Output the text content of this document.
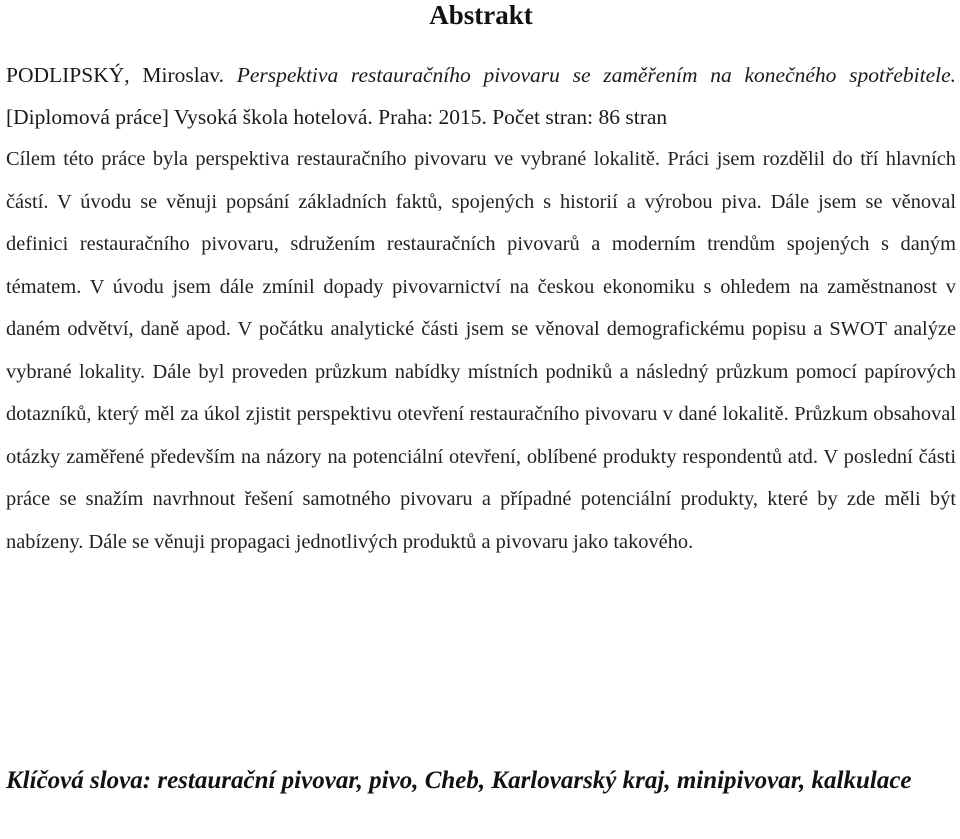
Abstrakt

PODLIPSKÝ, Miroslav. Perspektiva restauračního pivovaru se zaměřením na konečného spotřebitele. [Diplomová práce] Vysoká škola hotelová. Praha: 2015. Počet stran: 86 stran

Cílem této práce byla perspektiva restauračního pivovaru ve vybrané lokalitě. Práci jsem rozdělil do tří hlavních částí. V úvodu se věnuji popsání základních faktů, spojených s historií a výrobou piva. Dále jsem se věnoval definici restauračního pivovaru, sdružením restauračních pivovarů a moderním trendům spojených s daným tématem. V úvodu jsem dále zmínil dopady pivovarnictví na českou ekonomiku s ohledem na zaměstnanost v daném odvětví, daně apod. V počátku analytické části jsem se věnoval demografickému popisu a SWOT analýze vybrané lokality. Dále byl proveden průzkum nabídky místních podniků a následný průzkum pomocí papírových dotazníků, který měl za úkol zjistit perspektivu otevření restauračního pivovaru v dané lokalitě. Průzkum obsahoval otázky zaměřené především na názory na potenciální otevření, oblíbené produkty respondentů atd. V poslední části práce se snažím navrhnout řešení samotného pivovaru a případné potenciální produkty, které by zde měli být nabízeny. Dále se věnuji propagaci jednotlivých produktů a pivovaru jako takového.

Klíčová slova: restaurační pivovar, pivo, Cheb, Karlovarský kraj, minipivovar, kalkulace
